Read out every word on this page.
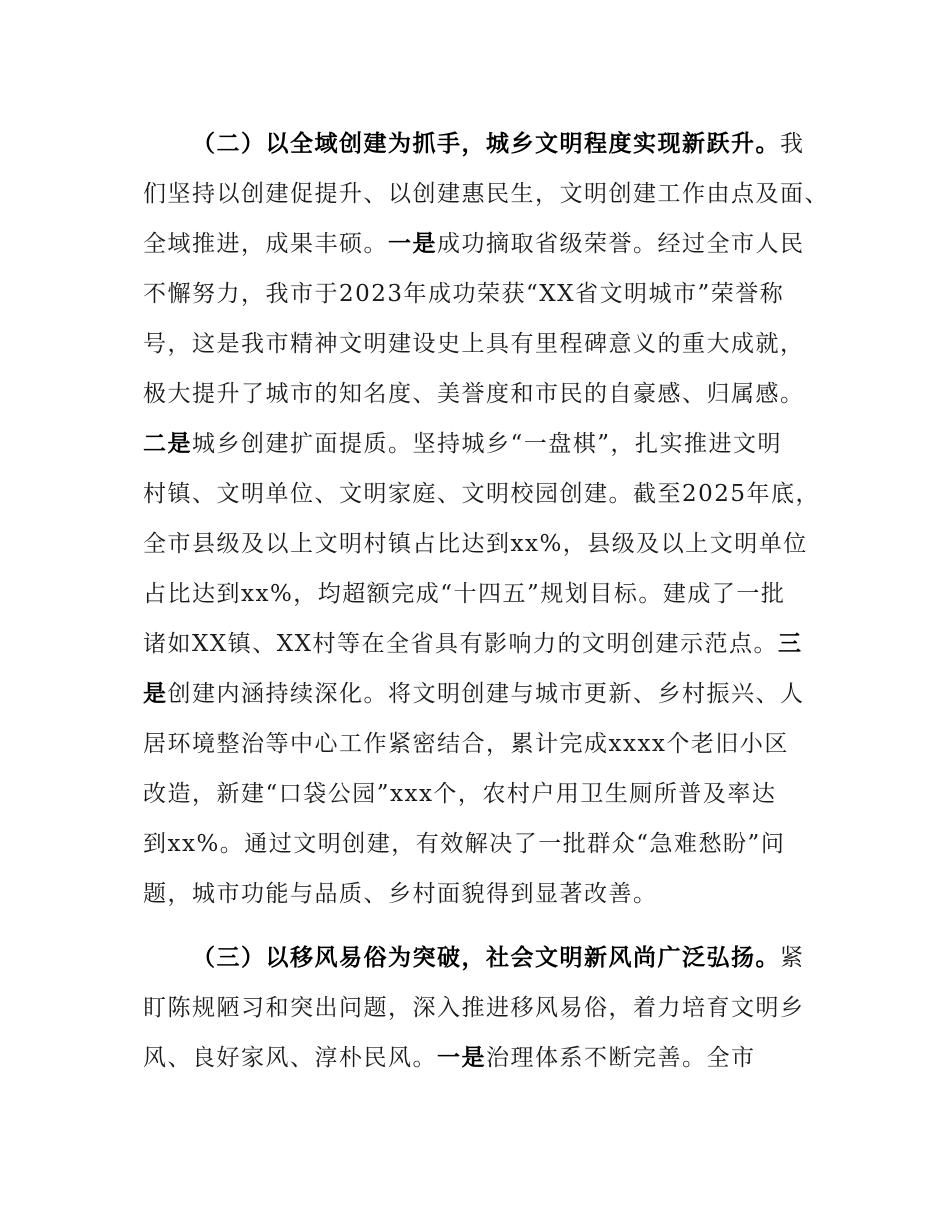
（二）以全域创建为抓手，城乡文明程度实现新跃升。我
们坚持以创建促提升、以创建惠民生，文明创建工作由点及面、
全域推进，成果丰硕。一是成功摘取省级荣誉。经过全市人民
不懈努力，我市于2023年成功荣获“XX省文明城市”荣誉称
号，这是我市精神文明建设史上具有里程碑意义的重大成就，
极大提升了城市的知名度、美誉度和市民的自豪感、归属感。
二是城乡创建扩面提质。坚持城乡“一盘棋”，扎实推进文明
村镇、文明单位、文明家庭、文明校园创建。截至2025年底，
全市县级及以上文明村镇占比达到xx%，县级及以上文明单位
占比达到xx%，均超额完成“十四五”规划目标。建成了一批
诸如XX镇、XX村等在全省具有影响力的文明创建示范点。三
是创建内涵持续深化。将文明创建与城市更新、乡村振兴、人
居环境整治等中心工作紧密结合，累计完成xxxx个老旧小区
改造，新建“口袋公园”xxx个，农村户用卫生厕所普及率达
到xx%。通过文明创建，有效解决了一批群众“急难愁盼”问
题，城市功能与品质、乡村面貌得到显著改善。
（三）以移风易俗为突破，社会文明新风尚广泛弘扬。紧
盯陈规陋习和突出问题，深入推进移风易俗，着力培育文明乡
风、良好家风、淳朴民风。一是治理体系不断完善。全市
